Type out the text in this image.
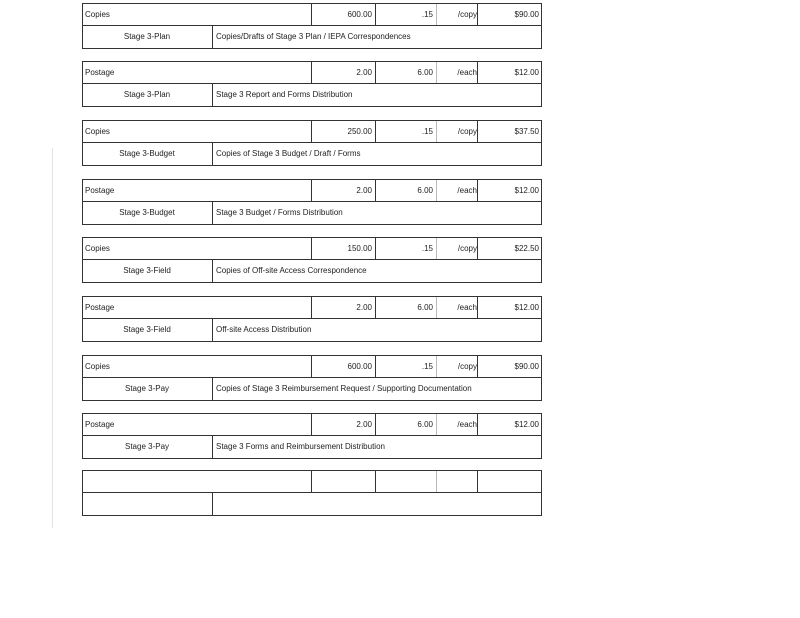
Copies	600.00	.15	/copy	$90.00
Stage 3-Plan	Copies/Drafts of Stage 3 Plan / IEPA Correspondences
Postage	2.00	6.00	/each	$12.00
Stage 3-Plan	Stage 3 Report and Forms Distribution
Copies	250.00	.15	/copy	$37.50
Stage 3-Budget	Copies of Stage 3 Budget / Draft / Forms
Postage	2.00	6.00	/each	$12.00
Stage 3-Budget	Stage 3 Budget / Forms Distribution
Copies	150.00	.15	/copy	$22.50
Stage 3-Field	Copies of Off-site Access Correspondence
Postage	2.00	6.00	/each	$12.00
Stage 3-Field	Off-site Access Distribution
Copies	600.00	.15	/copy	$90.00
Stage 3-Pay	Copies of Stage 3 Reimbursement Request / Supporting Documentation
Postage	2.00	6.00	/each	$12.00
Stage 3-Pay	Stage 3 Forms and Reimbursement Distribution
